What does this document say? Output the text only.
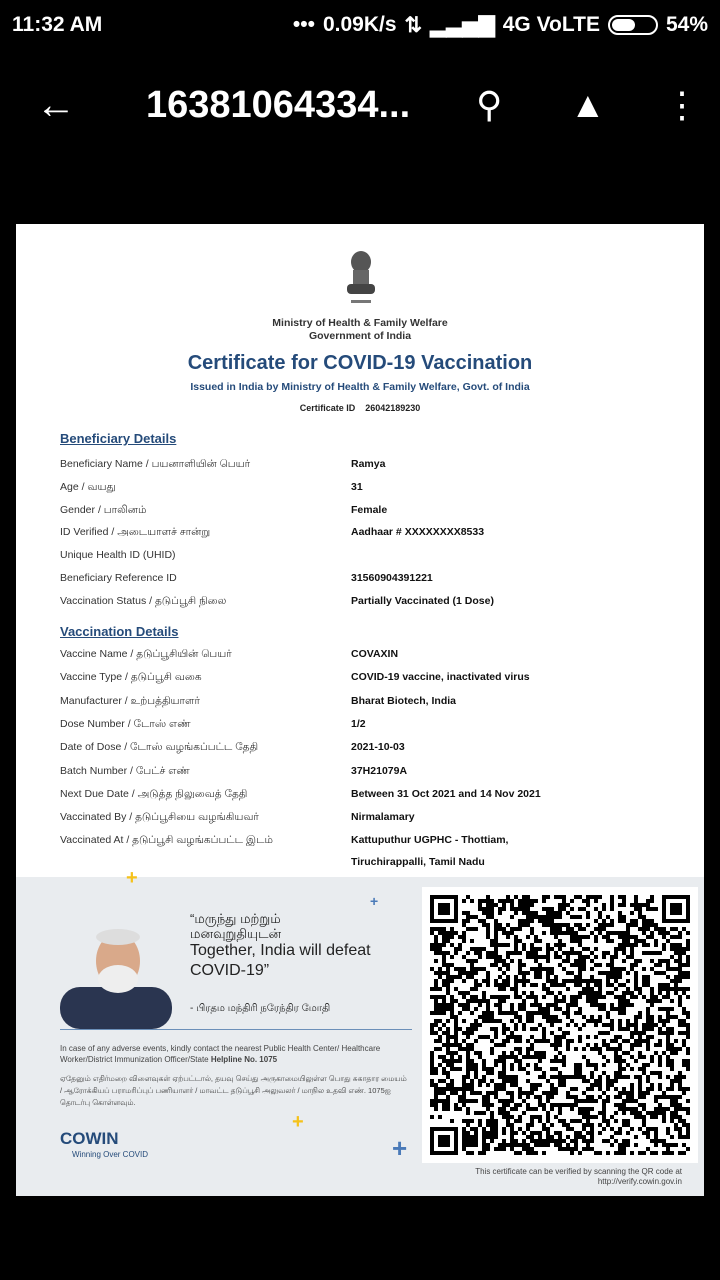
11:32 AM	••• 0.09K/s ⇅ ▂▃▅▇ 4G VoLTE	54%
← 16381064334... ⚲ ▲ ⋮
Ministry of Health & Family Welfare
Government of India
Certificate for COVID-19 Vaccination
Issued in India by Ministry of Health & Family Welfare, Govt. of India
Certificate ID 26042189230
Beneficiary Details
Beneficiary Name / பயனாளியின் பெயர்	Ramya
Age / வயது	31
Gender / பாலினம்	Female
ID Verified / அடையாளச் சான்று	Aadhaar # XXXXXXXX8533
Unique Health ID (UHID)
Beneficiary Reference ID	31560904391221
Vaccination Status / தடுப்பூசி நிலை	Partially Vaccinated (1 Dose)
Vaccination Details
Vaccine Name / தடுப்பூசியின் பெயர்	COVAXIN
Vaccine Type / தடுப்பூசி வகை	COVID-19 vaccine, inactivated virus
Manufacturer / உற்பத்தியாளர்	Bharat Biotech, India
Dose Number / டோஸ் எண்	1/2
Date of Dose / டோஸ் வழங்கப்பட்ட தேதி	2021-10-03
Batch Number / பேட்ச் எண்	37H21079A
Next Due Date / அடுத்த நிலுவைத் தேதி	Between 31 Oct 2021 and 14 Nov 2021
Vaccinated By / தடுப்பூசியை வழங்கியவர்	Nirmalamary
Vaccinated At / தடுப்பூசி வழங்கப்பட்ட இடம்	Kattuputhur UGPHC - Thottiam,
Tiruchirappalli, Tamil Nadu
+
+
+
+
“மருந்து மற்றும்
மனவுறுதியுடன்
Together, India will defeat
COVID-19”
- பிரதம மந்திரி நரேந்திர மோதி
In case of any adverse events, kindly contact the nearest Public Health Center/ Healthcare Worker/District Immunization Officer/State Helpline No. 1075
ஏதேனும் எதிர்மறை விளைவுகள் ஏற்பட்டால், தயவு செய்து அருகாமையிலுள்ள பொது சுகாதார மையம் / ஆரோக்கியப் பராமரிப்புப் பணியாளர் / மாவட்ட தடுப்பூசி அலுவலர் / மாநில உதவி எண். 1075ஐ தொடர்பு கொள்ளவும்.
COWIN
Winning Over COVID
This certificate can be verified by scanning the QR code at
http://verify.cowin.gov.in
